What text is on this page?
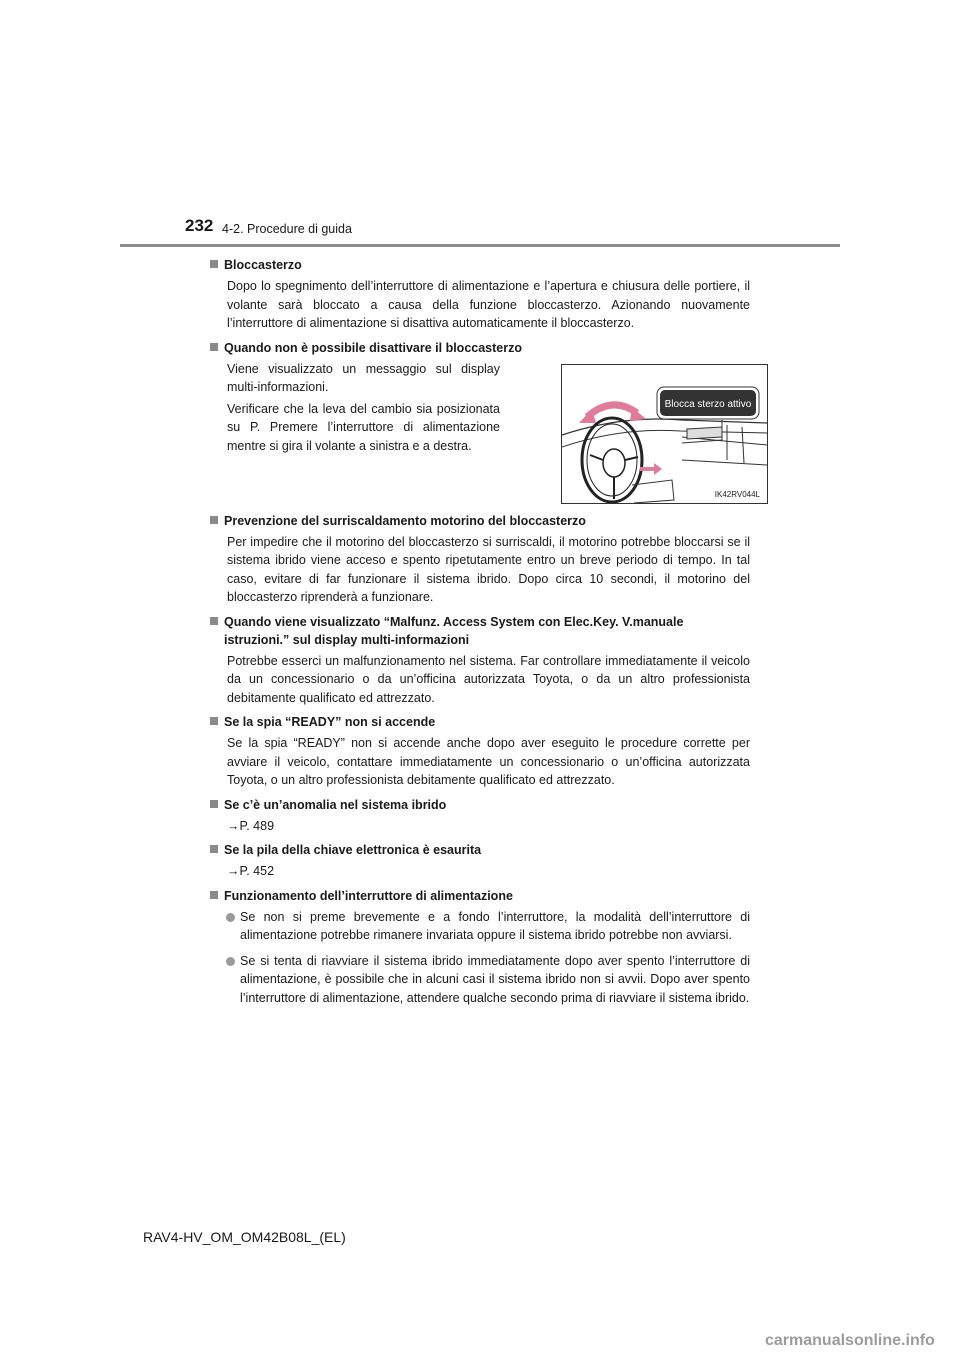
232 4-2. Procedure di guida
Bloccasterzo

Dopo lo spegnimento dell’interruttore di alimentazione e l’apertura e chiusura delle portiere, il volante sarà bloccato a causa della funzione bloccasterzo. Azionando nuovamente l’interruttore di alimentazione si disattiva automaticamente il bloccasterzo.

Quando non è possibile disattivare il bloccasterzo

Viene visualizzato un messaggio sul display multi-informazioni.

Verificare che la leva del cambio sia posizionata su P. Premere l’interruttore di alimentazione mentre si gira il volante a sinistra e a destra.

Blocca sterzo attivo
IK42RV044L
Prevenzione del surriscaldamento motorino del bloccasterzo

Per impedire che il motorino del bloccasterzo si surriscaldi, il motorino potrebbe bloccarsi se il sistema ibrido viene acceso e spento ripetutamente entro un breve periodo di tempo. In tal caso, evitare di far funzionare il sistema ibrido. Dopo circa 10 secondi, il motorino del bloccasterzo riprenderà a funzionare.

Quando viene visualizzato “Malfunz. Access System con Elec.Key. V.manuale istruzioni.” sul display multi-informazioni

Potrebbe esserci un malfunzionamento nel sistema. Far controllare immediatamente il veicolo da un concessionario o da un’officina autorizzata Toyota, o da un altro professionista debitamente qualificato ed attrezzato.

Se la spia “READY” non si accende

Se la spia “READY” non si accende anche dopo aver eseguito le procedure corrette per avviare il veicolo, contattare immediatamente un concessionario o un’officina autorizzata Toyota, o un altro professionista debitamente qualificato ed attrezzato.

Se c’è un’anomalia nel sistema ibrido
→P. 489
Se la pila della chiave elettronica è esaurita
→P. 452
Funzionamento dell’interruttore di alimentazione
Se non si preme brevemente e a fondo l’interruttore, la modalità dell’interruttore di alimentazione potrebbe rimanere invariata oppure il sistema ibrido potrebbe non avviarsi.
Se si tenta di riavviare il sistema ibrido immediatamente dopo aver spento l’interruttore di alimentazione, è possibile che in alcuni casi il sistema ibrido non si avvii. Dopo aver spento l’interruttore di alimentazione, attendere qualche secondo prima di riavviare il sistema ibrido.
RAV4-HV_OM_OM42B08L_(EL)
carmanualsonline.info
